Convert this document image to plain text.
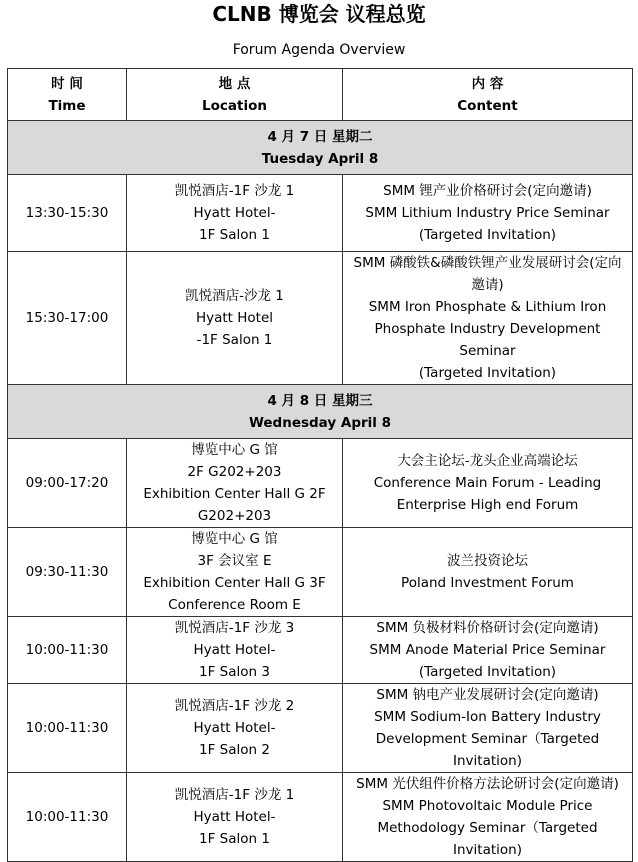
CLNB 博览会 议程总览
Forum Agenda Overview
时 间
Time	地 点
Location	内 容
Content

4 月 7 日 星期二
Tuesday April 8		

13:30-15:30	凯悦酒店-1F 沙龙 1
Hyatt Hotel-
1F Salon 1	SMM 锂产业价格研讨会(定向邀请)
SMM Lithium Industry Price Seminar
(Targeted Invitation)

15:30-17:00	凯悦酒店-沙龙 1
Hyatt Hotel
-1F Salon 1	SMM 磷酸铁&磷酸铁锂产业发展研讨会(定向
邀请)
SMM Iron Phosphate & Lithium Iron
Phosphate Industry Development Seminar
(Targeted Invitation)

4 月 8 日 星期三
Wednesday April 8		

09:00-17:20	博览中心 G 馆
2F G202+203
Exhibition Center Hall G 2F
G202+203	大会主论坛-龙头企业高端论坛
Conference Main Forum - Leading
Enterprise High end Forum

09:30-11:30	博览中心 G 馆
3F 会议室 E
Exhibition Center Hall G 3F
Conference Room E	波兰投资论坛
Poland Investment Forum

10:00-11:30	凯悦酒店-1F 沙龙 3
Hyatt Hotel-
1F Salon 3	SMM 负极材料价格研讨会(定向邀请)
SMM Anode Material Price Seminar
(Targeted Invitation)

10:00-11:30	凯悦酒店-1F 沙龙 2
Hyatt Hotel-
1F Salon 2	SMM 钠电产业发展研讨会(定向邀请)
SMM Sodium-Ion Battery Industry
Development Seminar（Targeted
Invitation)

10:00-11:30	凯悦酒店-1F 沙龙 1
Hyatt Hotel-
1F Salon 1	SMM 光伏组件价格方法论研讨会(定向邀请)
SMM Photovoltaic Module Price
Methodology Seminar（Targeted
Invitation)
